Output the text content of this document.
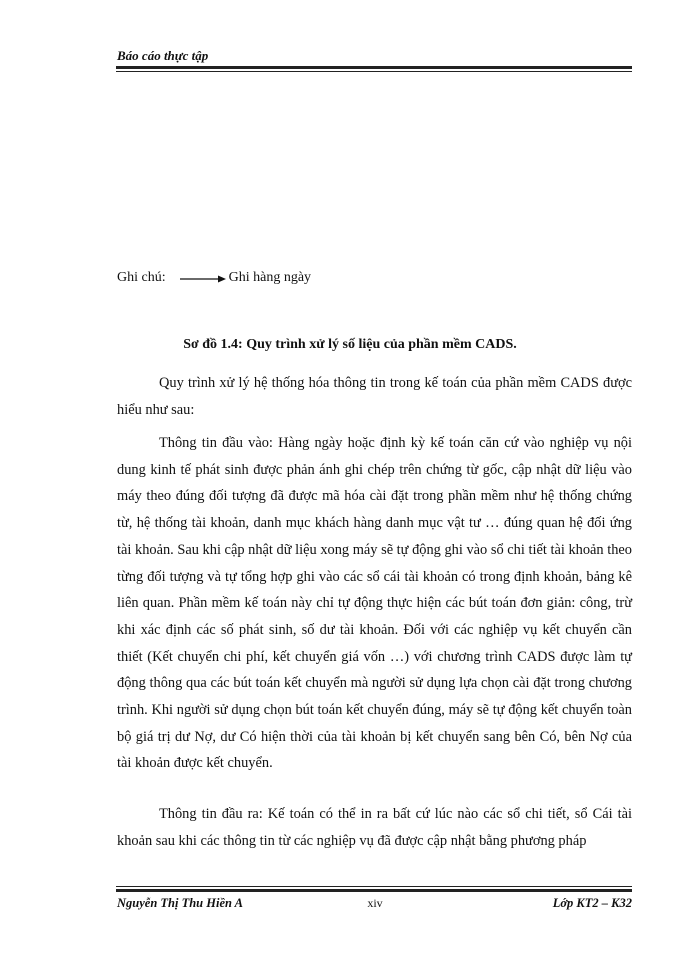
Báo cáo thực tập
Ghi chú:	Ghi hàng ngày
Sơ đồ 1.4: Quy trình xử lý số liệu của phần mềm CADS.
Quy trình xử lý hệ thống hóa thông tin trong kế toán của phần mềm CADS được hiểu như sau:
Thông tin đầu vào: Hàng ngày hoặc định kỳ kế toán căn cứ vào nghiệp vụ nội dung kinh tế phát sinh được phản ánh ghi chép trên chứng từ gốc, cập nhật dữ liệu vào máy theo đúng đối tượng đã được mã hóa cài đặt trong phần mềm như hệ thống chứng từ, hệ thống tài khoản, danh mục khách hàng danh mục vật tư … đúng quan hệ đối ứng tài khoản. Sau khi cập nhật dữ liệu xong máy sẽ tự động ghi vào sổ chi tiết tài khoản theo từng đối tượng và tự tổng hợp ghi vào các sổ cái tài khoản có trong định khoản, bảng kê liên quan. Phần mềm kế toán này chỉ tự động thực hiện các bút toán đơn giản: công, trừ khi xác định các số phát sinh, số dư tài khoản. Đối với các nghiệp vụ kết chuyển cần thiết (Kết chuyển chi phí, kết chuyển giá vốn …) với chương trình CADS được làm tự động thông qua các bút toán kết chuyển mà người sử dụng lựa chọn cài đặt trong chương trình. Khi người sử dụng chọn bút toán kết chuyển đúng, máy sẽ tự động kết chuyển toàn bộ giá trị dư Nợ, dư Có hiện thời của tài khoản bị kết chuyển sang bên Có, bên Nợ của tài khoản được kết chuyển.
Thông tin đầu ra: Kế toán có thể in ra bất cứ lúc nào các sổ chi tiết, sổ Cái tài khoản sau khi các thông tin từ các nghiệp vụ đã được cập nhật bằng phương pháp
Nguyễn Thị Thu Hiền A	xiv	Lớp KT2 – K32
